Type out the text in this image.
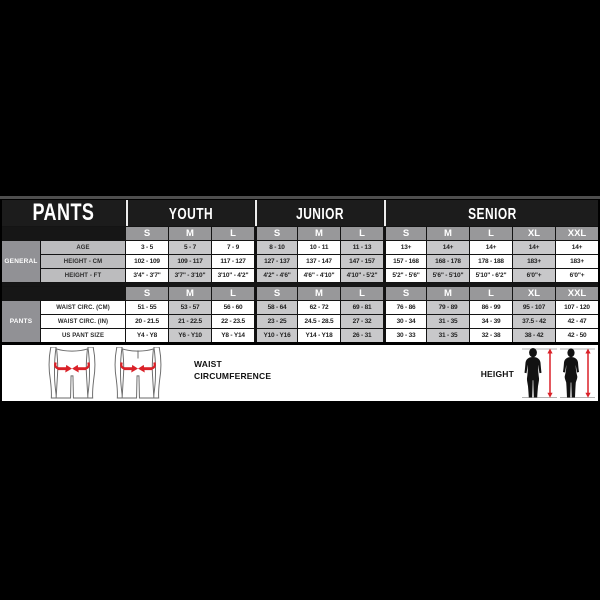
PANTS	YOUTH	JUNIOR	SENIOR
S	M	L	S	M	L	S	M	L	XL	XXL
GENERAL
AGE	3 - 5	5 - 7	7 - 9	8 - 10	10 - 11	11 - 13	13+	14+	14+	14+	14+
HEIGHT - CM	102 - 109	109 - 117	117 - 127	127 - 137	137 - 147	147 - 157	157 - 168	168 - 178	178 - 188	183+	183+
HEIGHT - FT	3'4" - 3'7"	3'7" - 3'10"	3'10" - 4'2"	4'2" - 4'6"	4'6" - 4'10"	4'10" - 5'2"	5'2" - 5'6"	5'6" - 5'10"	5'10" - 6'2"	6'0"+	6'0"+
S	M	L	S	M	L	S	M	L	XL	XXL
PANTS
WAIST CIRC. (CM)	51 - 55	53 - 57	56 - 60	58 - 64	62 - 72	69 - 81	76 - 86	79 - 89	86 - 99	95 - 107	107 - 120
WAIST CIRC. (IN)	20 - 21.5	21 - 22.5	22 - 23.5	23 - 25	24.5 - 28.5	27 - 32	30 - 34	31 - 35	34 - 39	37.5 - 42	42 - 47
US PANT SIZE	Y4 - Y8	Y6 - Y10	Y8 - Y14	Y10 - Y16	Y14 - Y18	26 - 31	30 - 33	31 - 35	32 - 38	38 - 42	42 - 50
WAIST CIRCUMFERENCE	HEIGHT
